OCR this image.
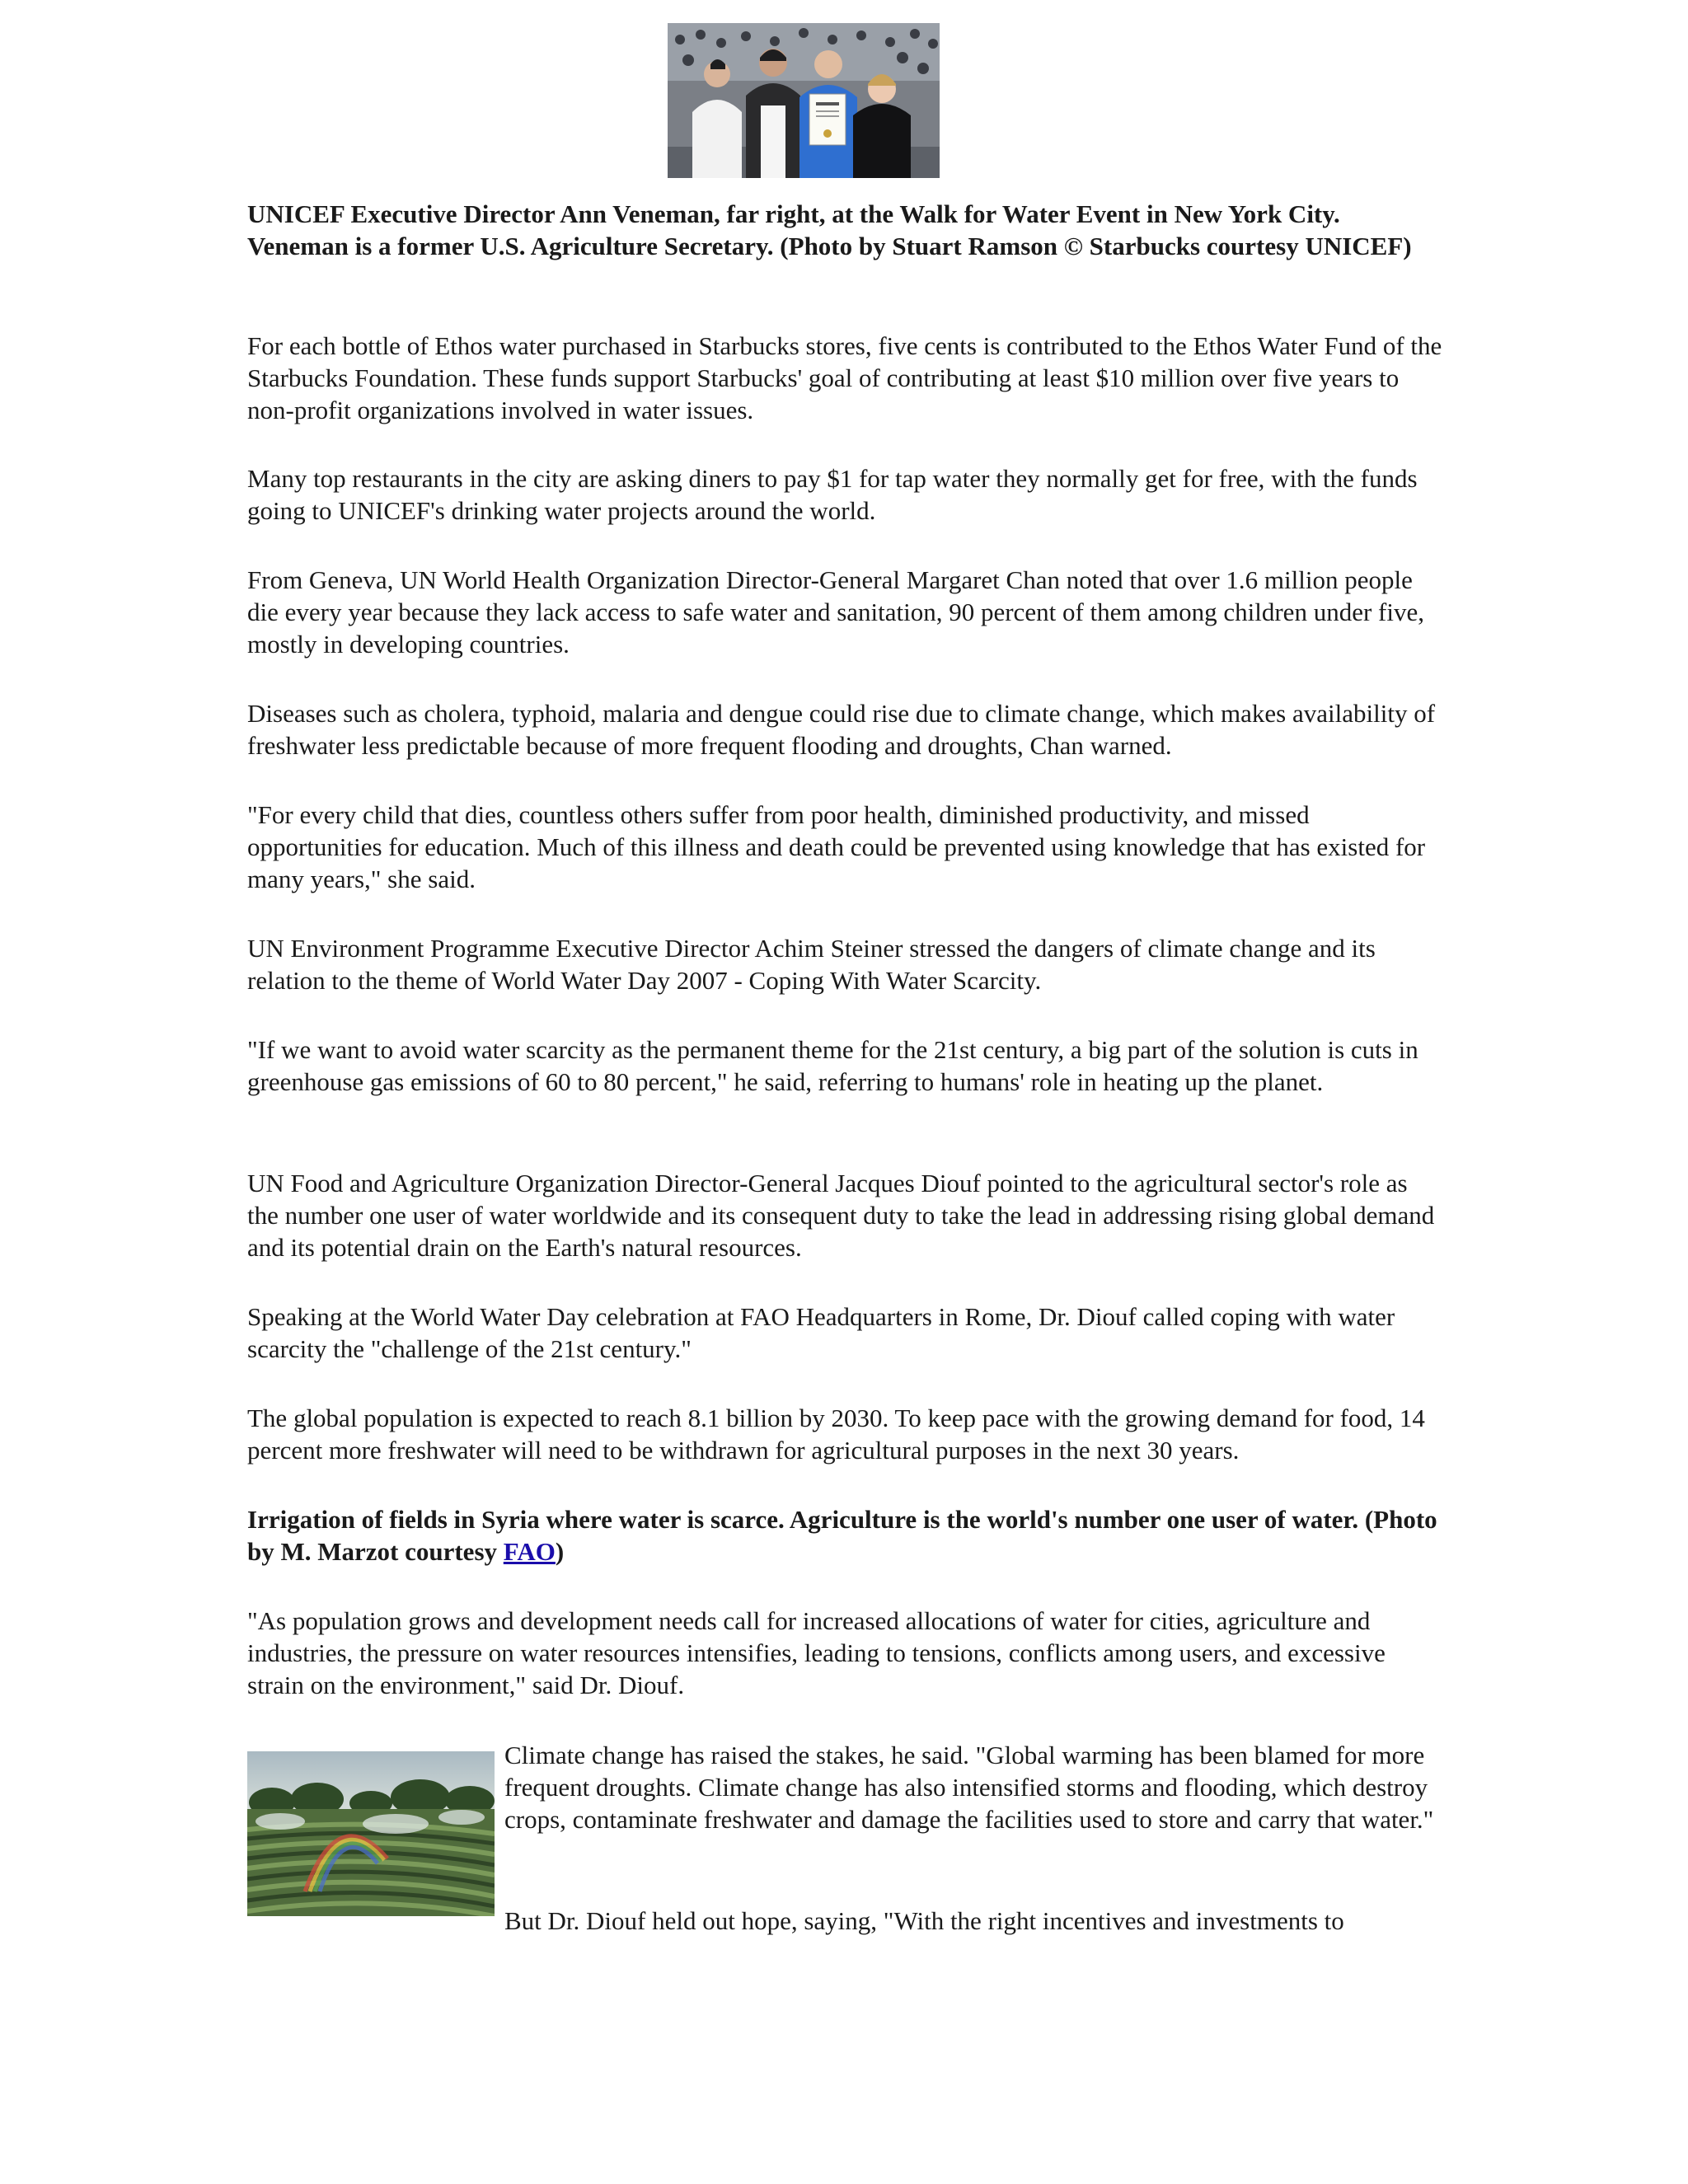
UNICEF Executive Director Ann Veneman, far right, at the Walk for Water Event in New York City. Veneman is a former U.S. Agriculture Secretary. (Photo by Stuart Ramson © Starbucks courtesy UNICEF)

For each bottle of Ethos water purchased in Starbucks stores, five cents is contributed to the Ethos Water Fund of the Starbucks Foundation. These funds support Starbucks' goal of contributing at least $10 million over five years to non-profit organizations involved in water issues.

Many top restaurants in the city are asking diners to pay $1 for tap water they normally get for free, with the funds going to UNICEF's drinking water projects around the world.

From Geneva, UN World Health Organization Director-General Margaret Chan noted that over 1.6 million people die every year because they lack access to safe water and sanitation, 90 percent of them among children under five, mostly in developing countries.

Diseases such as cholera, typhoid, malaria and dengue could rise due to climate change, which makes availability of freshwater less predictable because of more frequent flooding and droughts, Chan warned.

"For every child that dies, countless others suffer from poor health, diminished productivity, and missed opportunities for education. Much of this illness and death could be prevented using knowledge that has existed for many years," she said.

UN Environment Programme Executive Director Achim Steiner stressed the dangers of climate change and its relation to the theme of World Water Day 2007 - Coping With Water Scarcity.

"If we want to avoid water scarcity as the permanent theme for the 21st century, a big part of the solution is cuts in greenhouse gas emissions of 60 to 80 percent," he said, referring to humans' role in heating up the planet.

UN Food and Agriculture Organization Director-General Jacques Diouf pointed to the agricultural sector's role as the number one user of water worldwide and its consequent duty to take the lead in addressing rising global demand and its potential drain on the Earth's natural resources.

Speaking at the World Water Day celebration at FAO Headquarters in Rome, Dr. Diouf called coping with water scarcity the "challenge of the 21st century."

The global population is expected to reach 8.1 billion by 2030. To keep pace with the growing demand for food, 14 percent more freshwater will need to be withdrawn for agricultural purposes in the next 30 years.

Irrigation of fields in Syria where water is scarce. Agriculture is the world's number one user of water. (Photo by M. Marzot courtesy FAO)

"As population grows and development needs call for increased allocations of water for cities, agriculture and industries, the pressure on water resources intensifies, leading to tensions, conflicts among users, and excessive strain on the environment," said Dr. Diouf.

Climate change has raised the stakes, he said. "Global warming has been blamed for more frequent droughts. Climate change has also intensified storms and flooding, which destroy crops, contaminate freshwater and damage the facilities used to store and carry that water."

But Dr. Diouf held out hope, saying, "With the right incentives and investments to
